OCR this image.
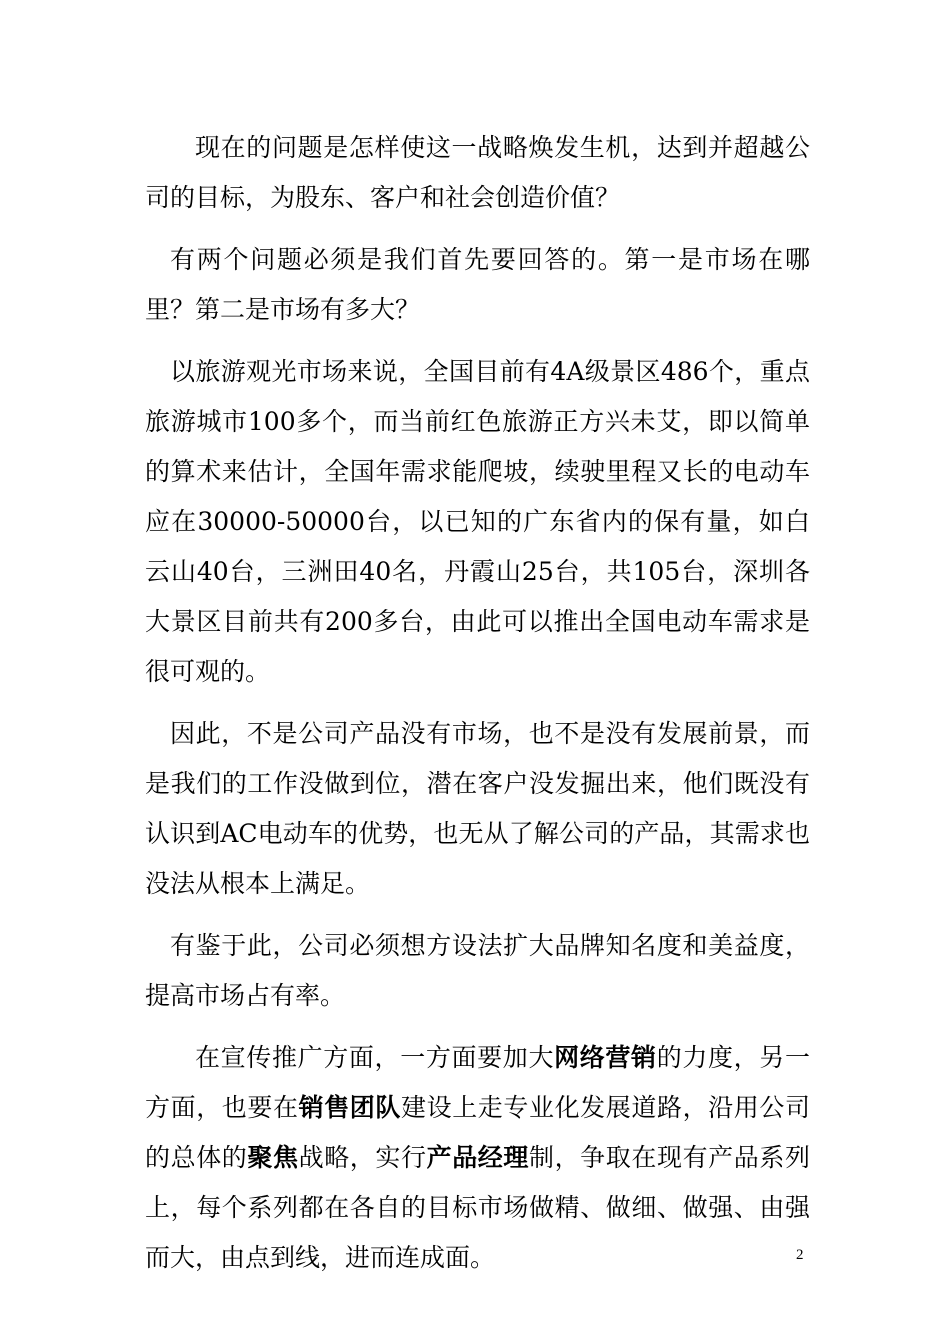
现在的问题是怎样使这一战略焕发生机，达到并超越公司的目标，为股东、客户和社会创造价值？

有两个问题必须是我们首先要回答的。第一是市场在哪里？第二是市场有多大？

以旅游观光市场来说，全国目前有4A级景区486个，重点旅游城市100多个，而当前红色旅游正方兴未艾，即以简单的算术来估计，全国年需求能爬坡，续驶里程又长的电动车应在30000-50000台，以已知的广东省内的保有量，如白云山40台，三洲田40名，丹霞山25台，共105台，深圳各大景区目前共有200多台，由此可以推出全国电动车需求是很可观的。

因此，不是公司产品没有市场，也不是没有发展前景，而是我们的工作没做到位，潜在客户没发掘出来，他们既没有认识到AC电动车的优势，也无从了解公司的产品，其需求也没法从根本上满足。

有鉴于此，公司必须想方设法扩大品牌知名度和美益度，提高市场占有率。

在宣传推广方面，一方面要加大网络营销的力度，另一方面，也要在销售团队建设上走专业化发展道路，沿用公司的总体的聚焦战略，实行产品经理制，争取在现有产品系列上，每个系列都在各自的目标市场做精、做细、做强、由强而大，由点到线，进而连成面。	2
